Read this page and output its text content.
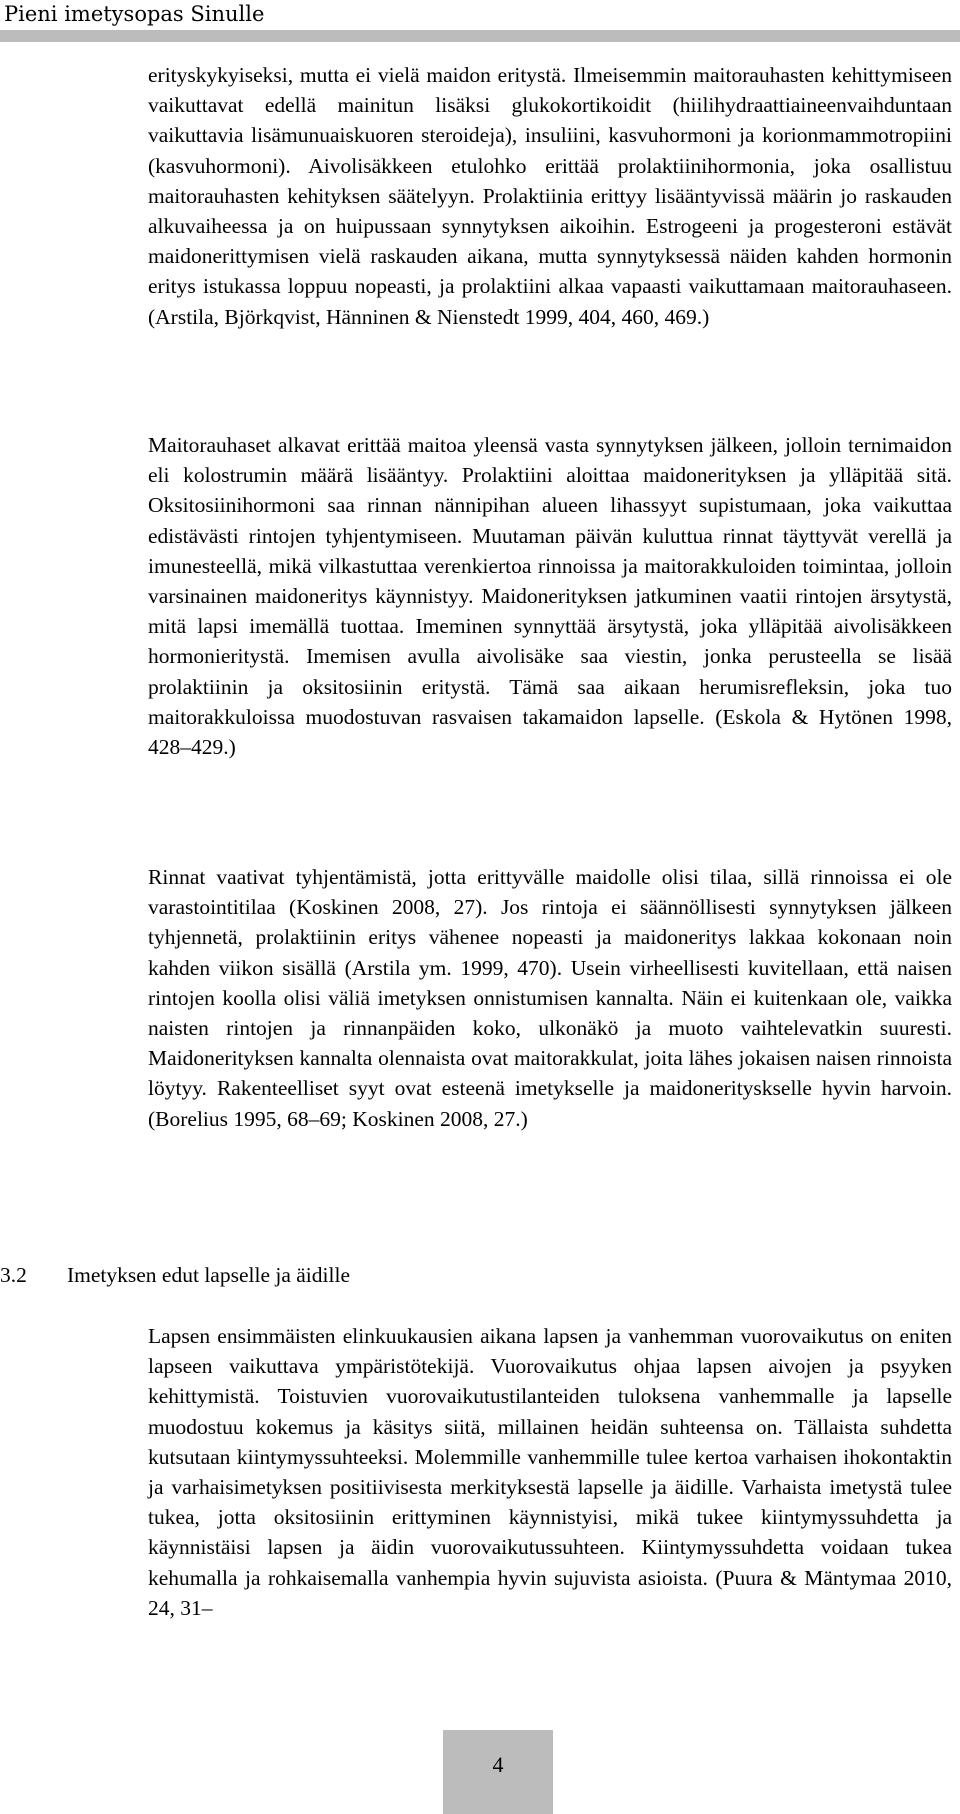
Pieni imetysopas Sinulle

erityskykyiseksi, mutta ei vielä maidon eritystä. Ilmeisemmin maitorauhasten kehittymiseen vaikuttavat edellä mainitun lisäksi glukokortikoidit (hiilihydraattiaineenvaihduntaan vaikuttavia lisämunuaiskuoren steroideja), insuliini, kasvuhormoni ja korionmammotropiini (kasvuhormoni). Aivolisäkkeen etulohko erittää prolaktiinihormonia, joka osallistuu maitorauhasten kehityksen säätelyyn. Prolaktiinia erittyy lisääntyvissä määrin jo raskauden alkuvaiheessa ja on huipussaan synnytyksen aikoihin. Estrogeeni ja progesteroni estävät maidonerittymisen vielä raskauden aikana, mutta synnytyksessä näiden kahden hormonin eritys istukassa loppuu nopeasti, ja prolaktiini alkaa vapaasti vaikuttamaan maitorauhaseen. (Arstila, Björkqvist, Hänninen & Nienstedt 1999, 404, 460, 469.)

Maitorauhaset alkavat erittää maitoa yleensä vasta synnytyksen jälkeen, jolloin ternimaidon eli kolostrumin määrä lisääntyy. Prolaktiini aloittaa maidonerityksen ja ylläpitää sitä. Oksitosiinihormoni saa rinnan nännipihan alueen lihassyyt supistumaan, joka vaikuttaa edistävästi rintojen tyhjentymiseen. Muutaman päivän kuluttua rinnat täyttyvät verellä ja imunesteellä, mikä vilkastuttaa verenkiertoa rinnoissa ja maitorakkuloiden toimintaa, jolloin varsinainen maidoneritys käynnistyy. Maidonerityksen jatkuminen vaatii rintojen ärsytystä, mitä lapsi imemällä tuottaa. Imeminen synnyttää ärsytystä, joka ylläpitää aivolisäkkeen hormonieritystä. Imemisen avulla aivolisäke saa viestin, jonka perusteella se lisää prolaktiinin ja oksitosiinin eritystä. Tämä saa aikaan herumisrefleksin, joka tuo maitorakkuloissa muodostuvan rasvaisen takamaidon lapselle. (Eskola & Hytönen 1998, 428–429.)

Rinnat vaativat tyhjentämistä, jotta erittyvälle maidolle olisi tilaa, sillä rinnoissa ei ole varastointitilaa (Koskinen 2008, 27). Jos rintoja ei säännöllisesti synnytyksen jälkeen tyhjennetä, prolaktiinin eritys vähenee nopeasti ja maidoneritys lakkaa kokonaan noin kahden viikon sisällä (Arstila ym. 1999, 470). Usein virheellisesti kuvitellaan, että naisen rintojen koolla olisi väliä imetyksen onnistumisen kannalta. Näin ei kuitenkaan ole, vaikka naisten rintojen ja rinnanpäiden koko, ulkonäkö ja muoto vaihtelevatkin suuresti. Maidonerityksen kannalta olennaista ovat maitorakkulat, joita lähes jokaisen naisen rinnoista löytyy. Rakenteelliset syyt ovat esteenä imetykselle ja maidonerityskselle hyvin harvoin. (Borelius 1995, 68–69; Koskinen 2008, 27.)

3.2 Imetyksen edut lapselle ja äidille

Lapsen ensimmäisten elinkuukausien aikana lapsen ja vanhemman vuorovaikutus on eniten lapseen vaikuttava ympäristötekijä. Vuorovaikutus ohjaa lapsen aivojen ja psyyken kehittymistä. Toistuvien vuorovaikutustilanteiden tuloksena vanhemmalle ja lapselle muodostuu kokemus ja käsitys siitä, millainen heidän suhteensa on. Tällaista suhdetta kutsutaan kiintymyssuhteeksi. Molemmille vanhemmille tulee kertoa varhaisen ihokontaktin ja varhaisimetyksen positiivisesta merkityksestä lapselle ja äidille. Varhaista imetystä tulee tukea, jotta oksitosiinin erittyminen käynnistyisi, mikä tukee kiintymyssuhdetta ja käynnistäisi lapsen ja äidin vuorovaikutussuhteen. Kiintymyssuhdetta voidaan tukea kehumalla ja rohkaisemalla vanhempia hyvin sujuvista asioista. (Puura & Mäntymaa 2010, 24, 31–

4
